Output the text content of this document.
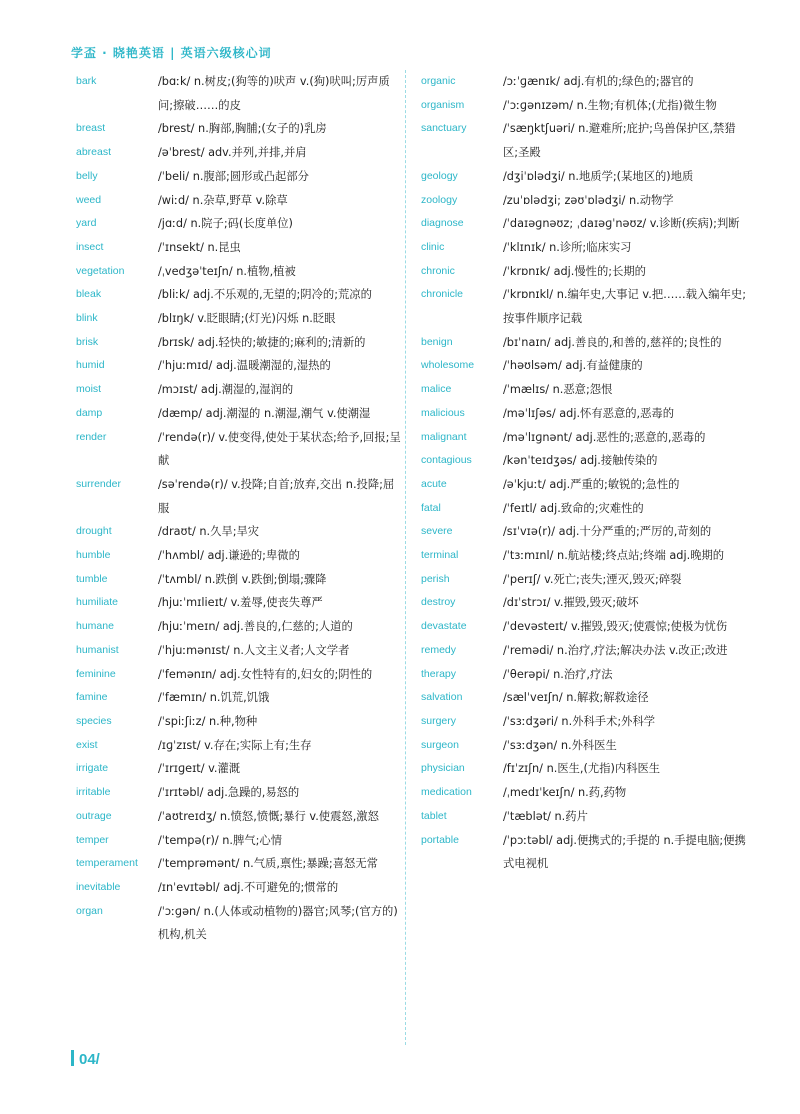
学盃 · 晓艳英语 | 英语六级核心词
bark	/bɑːk/ n.树皮;(狗等的)吠声 v.(狗)吠叫;厉声质问;擦破……的皮
breast	/brest/ n.胸部,胸脯;(女子的)乳房
abreast	/əˈbrest/ adv.并列,并排,并肩
belly	/ˈbeli/ n.腹部;圆形或凸起部分
weed	/wiːd/ n.杂草,野草 v.除草
yard	/jɑːd/ n.院子;码(长度单位)
insect	/ˈɪnsekt/ n.昆虫
vegetation	/ˌvedʒəˈteɪʃn/ n.植物,植被
bleak	/bliːk/ adj.不乐观的,无望的;阴冷的;荒凉的
blink	/blɪŋk/ v.眨眼睛;(灯光)闪烁 n.眨眼
brisk	/brɪsk/ adj.轻快的;敏捷的;麻利的;清新的
humid	/ˈhjuːmɪd/ adj.温暖潮湿的,湿热的
moist	/mɔɪst/ adj.潮湿的,湿润的
damp	/dæmp/ adj.潮湿的 n.潮湿,潮气 v.使潮湿
render	/ˈrendə(r)/ v.使变得,使处于某状态;给予,回报;呈献
surrender	/səˈrendə(r)/ v.投降;自首;放弃,交出 n.投降;屈服
drought	/draʊt/ n.久旱;旱灾
humble	/ˈhʌmbl/ adj.谦逊的;卑微的
tumble	/ˈtʌmbl/ n.跌倒 v.跌倒;倒塌;骤降
humiliate	/hjuːˈmɪlieɪt/ v.羞辱,使丧失尊严
humane	/hjuːˈmeɪn/ adj.善良的,仁慈的;人道的
humanist	/ˈhjuːmənɪst/ n.人文主义者;人文学者
feminine	/ˈfemənɪn/ adj.女性特有的,妇女的;阴性的
famine	/ˈfæmɪn/ n.饥荒,饥饿
species	/ˈspiːʃiːz/ n.种,物种
exist	/ɪɡˈzɪst/ v.存在;实际上有;生存
irrigate	/ˈɪrɪɡeɪt/ v.灌溉
irritable	/ˈɪrɪtəbl/ adj.急躁的,易怒的
outrage	/ˈaʊtreɪdʒ/ n.愤怒,愤慨;暴行 v.使震怒,激怒
temper	/ˈtempə(r)/ n.脾气;心情
temperament /ˈtemprəmənt/ n.气质,禀性;暴躁;喜怒无常
inevitable	/ɪnˈevɪtəbl/ adj.不可避免的;惯常的
organ	/ˈɔːɡən/ n.(人体或动植物的)器官;风琴;(官方的)机构,机关
organic	/ɔːˈɡænɪk/ adj.有机的;绿色的;器官的
organism	/ˈɔːɡənɪzəm/ n.生物;有机体;(尤指)微生物
sanctuary	/ˈsæŋktʃuəri/ n.避难所;庇护;鸟兽保护区,禁猎区;圣殿
geology	/dʒiˈɒlədʒi/ n.地质学;(某地区的)地质
zoology	/zuˈɒlədʒi; zəʊˈɒlədʒi/ n.动物学
diagnose	/ˈdaɪəɡnəʊz; ˌdaɪəɡˈnəʊz/ v.诊断(疾病);判断
clinic	/ˈklɪnɪk/ n.诊所;临床实习
chronic	/ˈkrɒnɪk/ adj.慢性的;长期的
chronicle	/ˈkrɒnɪkl/ n.编年史,大事记 v.把……载入编年史;按事件顺序记载
benign	/bɪˈnaɪn/ adj.善良的,和善的,慈祥的;良性的
wholesome	/ˈhəʊlsəm/ adj.有益健康的
malice	/ˈmælɪs/ n.恶意;怨恨
malicious	/məˈlɪʃəs/ adj.怀有恶意的,恶毒的
malignant	/məˈlɪɡnənt/ adj.恶性的;恶意的,恶毒的
contagious	/kənˈteɪdʒəs/ adj.接触传染的
acute	/əˈkjuːt/ adj.严重的;敏锐的;急性的
fatal	/ˈfeɪtl/ adj.致命的;灾难性的
severe	/sɪˈvɪə(r)/ adj.十分严重的;严厉的,苛刻的
terminal	/ˈtɜːmɪnl/ n.航站楼;终点站;终端 adj.晚期的
perish	/ˈperɪʃ/ v.死亡;丧失;湮灭,毁灭;碎裂
destroy	/dɪˈstrɔɪ/ v.摧毁,毁灭;破坏
devastate	/ˈdevəsteɪt/ v.摧毁,毁灭;使震惊;使极为忧伤
remedy	/ˈremədi/ n.治疗,疗法;解决办法 v.改正;改进
therapy	/ˈθerəpi/ n.治疗,疗法
salvation	/sælˈveɪʃn/ n.解救;解救途径
surgery	/ˈsɜːdʒəri/ n.外科手术;外科学
surgeon	/ˈsɜːdʒən/ n.外科医生
physician	/fɪˈzɪʃn/ n.医生,(尤指)内科医生
medication	/ˌmedɪˈkeɪʃn/ n.药,药物
tablet	/ˈtæblət/ n.药片
portable	/ˈpɔːtəbl/ adj.便携式的;手提的 n.手提电脑;便携式电视机
04/
